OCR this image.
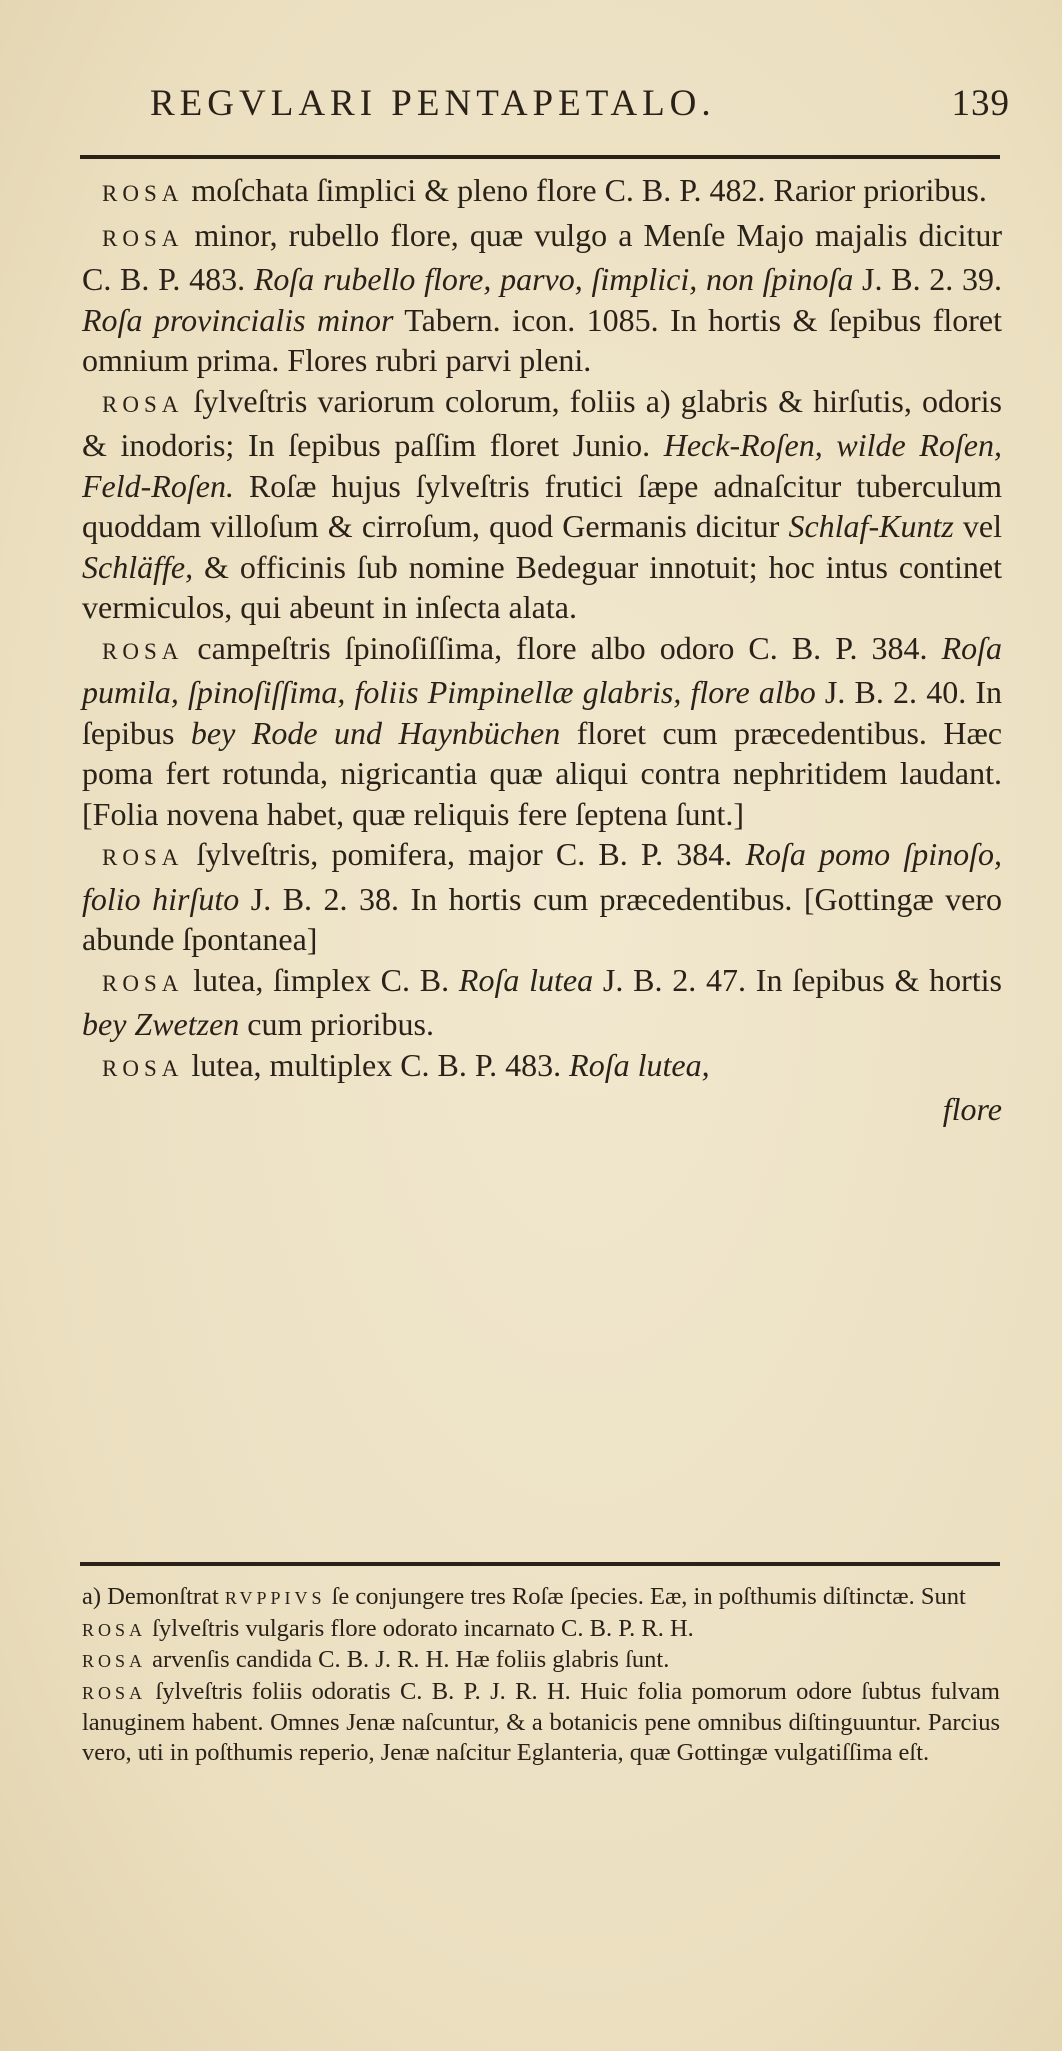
REGVLARI PENTAPETALO.	139

ROSA moſchata ſimplici & pleno flore C. B. P. 482. Rarior prioribus.

ROSA minor, rubello flore, quæ vulgo a Menſe Majo majalis dicitur C. B. P. 483. Roſa rubello flore, parvo, ſimplici, non ſpinoſa J. B. 2. 39. Roſa provincialis minor Tabern. icon. 1085. In hortis & ſepibus floret omnium prima. Flores rubri parvi pleni.

ROSA ſylveſtris variorum colorum, foliis a) glabris & hirſutis, odoris & inodoris; In ſepibus paſſim floret Junio. Heck-Roſen, wilde Roſen, Feld-Roſen. Roſæ hujus ſylveſtris frutici ſæpe adnaſcitur tuberculum quoddam villoſum & cirroſum, quod Germanis dicitur Schlaf-Kuntz vel Schläffe, & officinis ſub nomine Bedeguar innotuit; hoc intus continet vermiculos, qui abeunt in inſecta alata.

ROSA campeſtris ſpinoſiſſima, flore albo odoro C. B. P. 384. Roſa pumila, ſpinoſiſſima, foliis Pimpinellæ glabris, flore albo J. B. 2. 40. In ſepibus bey Rode und Haynbüchen floret cum præcedentibus. Hæc poma fert rotunda, nigricantia quæ aliqui contra nephritidem laudant. [Folia novena habet, quæ reliquis fere ſeptena ſunt.]

ROSA ſylveſtris, pomifera, major C. B. P. 384. Roſa pomo ſpinoſo, folio hirſuto J. B. 2. 38. In hortis cum præcedentibus. [Gottingæ vero abunde ſpontanea]

ROSA lutea, ſimplex C. B. Roſa lutea J. B. 2. 47. In ſepibus & hortis bey Zwetzen cum prioribus.

ROSA lutea, multiplex C. B. P. 483. Roſa lutea,

flore

a) Demonſtrat RVPPIVS ſe conjungere tres Roſæ ſpecies. Eæ, in poſthumis diſtinctæ. Sunt

ROSA ſylveſtris vulgaris flore odorato incarnato C. B. P. R. H.

ROSA arvenſis candida C. B. J. R. H. Hæ foliis glabris ſunt.

ROSA ſylveſtris foliis odoratis C. B. P. J. R. H. Huic folia pomorum odore ſubtus fulvam lanuginem habent. Omnes Jenæ naſcuntur, & a botanicis pene omnibus diſtinguuntur. Parcius vero, uti in poſthumis reperio, Jenæ naſcitur Eglanteria, quæ Gottingæ vulgatiſſima eſt.
